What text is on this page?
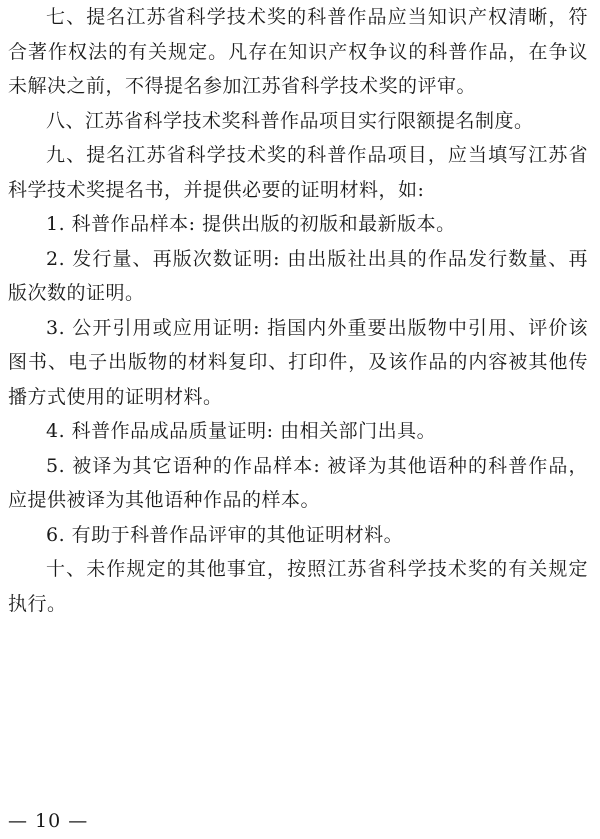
七、提名江苏省科学技术奖的科普作品应当知识产权清晰，符合著作权法的有关规定。凡存在知识产权争议的科普作品，在争议未解决之前，不得提名参加江苏省科学技术奖的评审。

八、江苏省科学技术奖科普作品项目实行限额提名制度。

九、提名江苏省科学技术奖的科普作品项目，应当填写江苏省科学技术奖提名书，并提供必要的证明材料，如:

1. 科普作品样本: 提供出版的初版和最新版本。

2. 发行量、再版次数证明: 由出版社出具的作品发行数量、再版次数的证明。

3. 公开引用或应用证明: 指国内外重要出版物中引用、评价该图书、电子出版物的材料复印、打印件，及该作品的内容被其他传播方式使用的证明材料。

4. 科普作品成品质量证明: 由相关部门出具。

5. 被译为其它语种的作品样本: 被译为其他语种的科普作品，应提供被译为其他语种作品的样本。

6. 有助于科普作品评审的其他证明材料。

十、未作规定的其他事宜，按照江苏省科学技术奖的有关规定执行。

— 10 —
